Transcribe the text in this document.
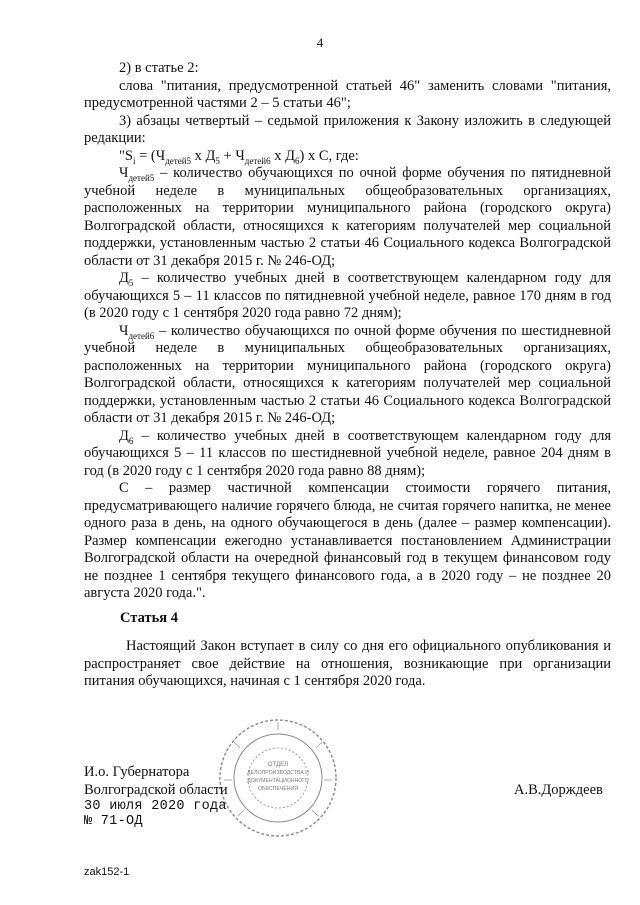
4

2) в статье 2:

слова "питания, предусмотренной статьей 46" заменить словами "питания, предусмотренной частями 2 – 5 статьи 46";

3) абзацы четвертый – седьмой приложения к Закону изложить в следующей редакции:

"$S_i = (Ч_{детей5}$ х $Д_5 + Ч_{детей6}$ х $Д_6$) х С, где:

$Ч_{детей5}$ – количество обучающихся по очной форме обучения по пятидневной учебной неделе в муниципальных общеобразовательных организациях, расположенных на территории муниципального района (городского округа) Волгоградской области, относящихся к категориям получателей мер социальной поддержки, установленным частью 2 статьи 46 Социального кодекса Волгоградской области от 31 декабря 2015 г. № 246-ОД;

$Д_5$ – количество учебных дней в соответствующем календарном году для обучающихся 5 – 11 классов по пятидневной учебной неделе, равное 170 дням в год (в 2020 году с 1 сентября 2020 года равно 72 дням);

$Ч_{детей6}$ – количество обучающихся по очной форме обучения по шестидневной учебной неделе в муниципальных общеобразовательных организациях, расположенных на территории муниципального района (городского округа) Волгоградской области, относящихся к категориям получателей мер социальной поддержки, установленным частью 2 статьи 46 Социального кодекса Волгоградской области от 31 декабря 2015 г. № 246-ОД;

$Д_6$ – количество учебных дней в соответствующем календарном году для обучающихся 5 – 11 классов по шестидневной учебной неделе, равное 204 дням в год (в 2020 году с 1 сентября 2020 года равно 88 дням);

С – размер частичной компенсации стоимости горячего питания, предусматривающего наличие горячего блюда, не считая горячего напитка, не менее одного раза в день, на одного обучающегося в день (далее – размер компенсации). Размер компенсации ежегодно устанавливается постановлением Администрации Волгоградской области на очередной финансовый год в текущем финансовом году не позднее 1 сентября текущего финансового года, а в 2020 году – не позднее 20 августа 2020 года.".

Статья 4

Настоящий Закон вступает в силу со дня его официального опубликования и распространяет свое действие на отношения, возникающие при организации питания обучающихся, начиная с 1 сентября 2020 года.

ОТДЕЛ
ДЕЛОПРОИЗВОДСТВА И
ДОКУМЕНТАЦИОННОГО
ОБЕСПЕЧЕНИЯ
И.о. Губернатора
Волгоградской области
30 июля 2020 года
№ 71-ОД
А.В.Дорждеев
zak152-1
